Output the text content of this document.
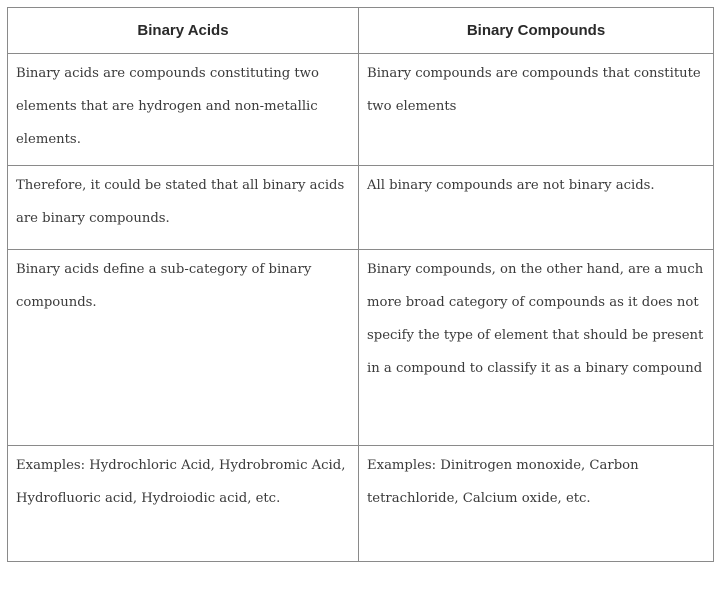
Binary Acids	Binary Compounds

Binary acids are compounds constituting two elements that are hydrogen and non-metallic elements.	Binary compounds are compounds that constitute two elements

Therefore, it could be stated that all binary acids are binary compounds.	All binary compounds are not binary acids.

Binary acids define a sub-category of binary compounds.	Binary compounds, on the other hand, are a much more broad category of compounds as it does not specify the type of element that should be present in a compound to classify it as a binary compound

Examples: Hydrochloric Acid, Hydrobromic Acid, Hydrofluoric acid, Hydroiodic acid, etc.	Examples: Dinitrogen monoxide, Carbon tetrachloride, Calcium oxide, etc.
